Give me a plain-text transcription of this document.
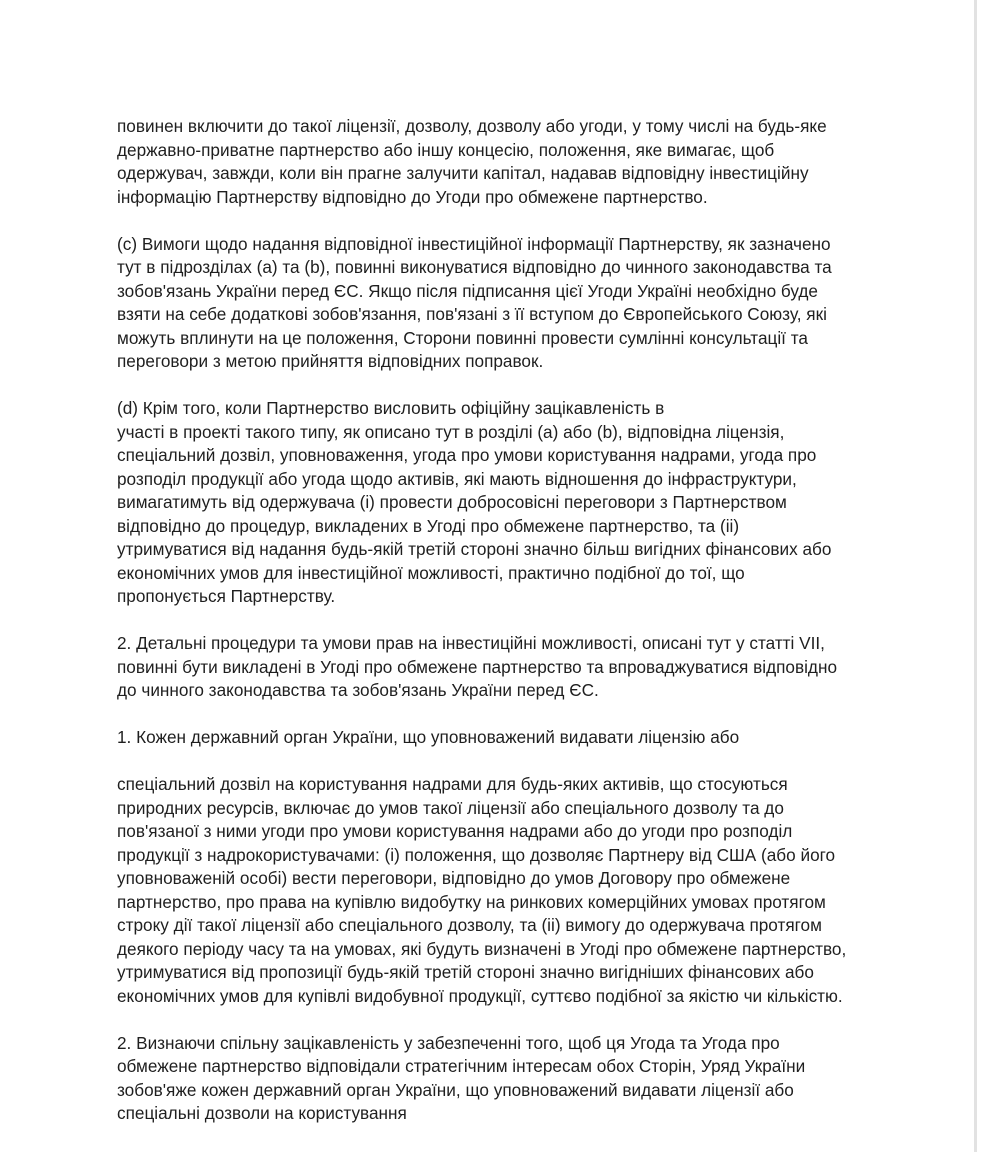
повинен включити до такої ліцензії, дозволу, дозволу або угоди, у тому числі на будь-яке
державно-приватне партнерство або іншу концесію, положення, яке вимагає, щоб
одержувач, завжди, коли він прагне залучити капітал, надавав відповідну інвестиційну
інформацію Партнерству відповідно до Угоди про обмежене партнерство.

(c) Вимоги щодо надання відповідної інвестиційної інформації Партнерству, як зазначено
тут в підрозділах (a) та (b), повинні виконуватися відповідно до чинного законодавства та
зобов'язань України перед ЄС. Якщо після підписання цієї Угоди Україні необхідно буде
взяти на себе додаткові зобов'язання, пов'язані з її вступом до Європейського Союзу, які
можуть вплинути на це положення, Сторони повинні провести сумлінні консультації та
переговори з метою прийняття відповідних поправок.

(d) Крім того, коли Партнерство висловить офіційну зацікавленість в
участі в проекті такого типу, як описано тут в розділі (a) або (b), відповідна ліцензія,
спеціальний дозвіл, уповноваження, угода про умови користування надрами, угода про
розподіл продукції або угода щодо активів, які мають відношення до інфраструктури,
вимагатимуть від одержувача (i) провести добросовісні переговори з Партнерством
відповідно до процедур, викладених в Угоді про обмежене партнерство, та (ii)
утримуватися від надання будь-якій третій стороні значно більш вигідних фінансових або
економічних умов для інвестиційної можливості, практично подібної до тої, що
пропонується Партнерству.

2. Детальні процедури та умови прав на інвестиційні можливості, описані тут у статті VII,
повинні бути викладені в Угоді про обмежене партнерство та впроваджуватися відповідно
до чинного законодавства та зобов'язань України перед ЄС.

1. Кожен державний орган України, що уповноважений видавати ліцензію або

спеціальний дозвіл на користування надрами для будь-яких активів, що стосуються
природних ресурсів, включає до умов такої ліцензії або спеціального дозволу та до
пов'язаної з ними угоди про умови користування надрами або до угоди про розподіл
продукції з надрокористувачами: (i) положення, що дозволяє Партнеру від США (або його
уповноваженій особі) вести переговори, відповідно до умов Договору про обмежене
партнерство, про права на купівлю видобутку на ринкових комерційних умовах протягом
строку дії такої ліцензії або спеціального дозволу, та (ii) вимогу до одержувача протягом
деякого періоду часу та на умовах, які будуть визначені в Угоді про обмежене партнерство,
утримуватися від пропозиції будь-якій третій стороні значно вигідніших фінансових або
економічних умов для купівлі видобувної продукції, суттєво подібної за якістю чи кількістю.

2. Визнаючи спільну зацікавленість у забезпеченні того, щоб ця Угода та Угода про
обмежене партнерство відповідали стратегічним інтересам обох Сторін, Уряд України
зобов'яже кожен державний орган України, що уповноважений видавати ліцензії або
спеціальні дозволи на користування
